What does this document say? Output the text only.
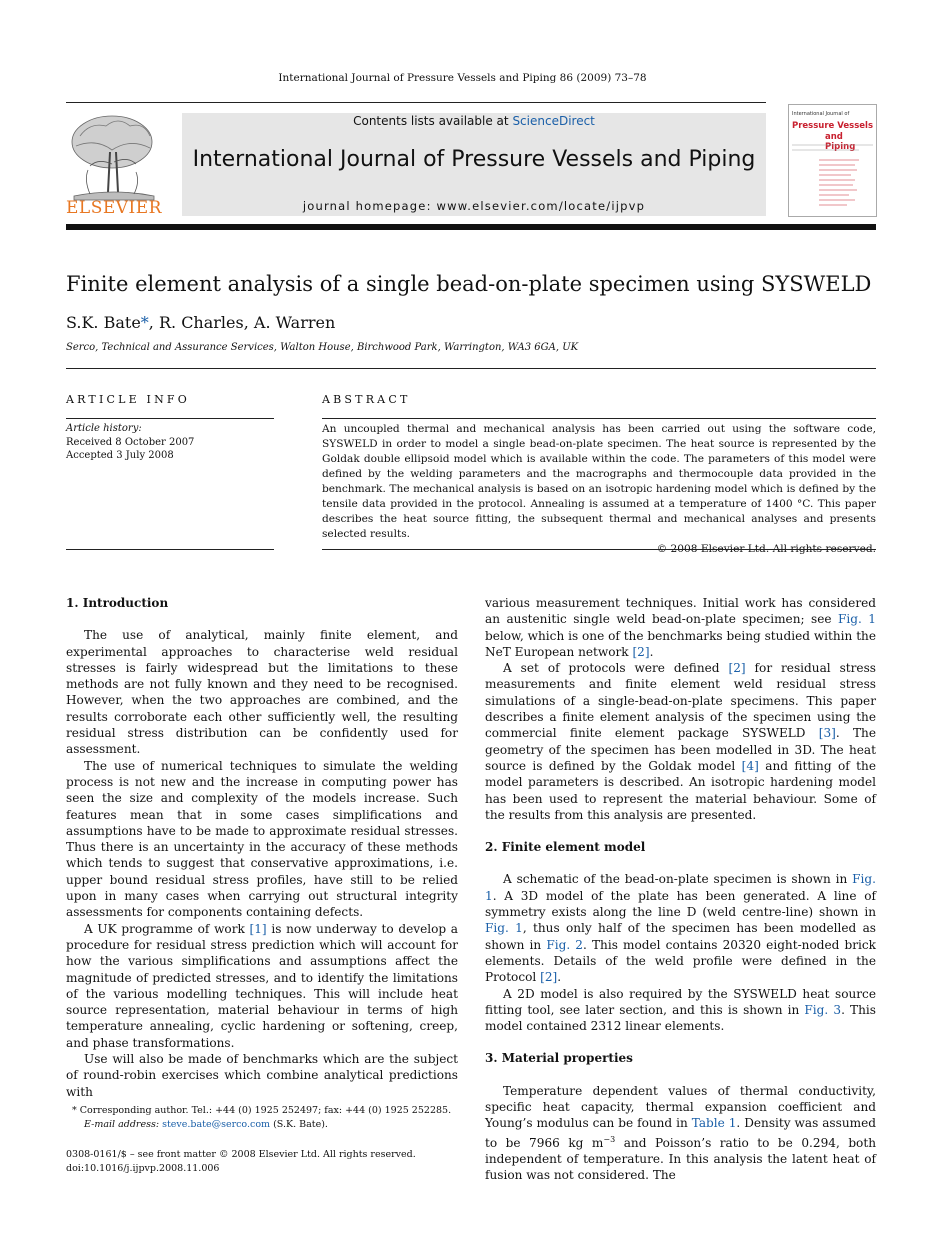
International Journal of Pressure Vessels and Piping 86 (2009) 73–78
ELSEVIER
Contents lists available at ScienceDirect
International Journal of Pressure Vessels and Piping
journal homepage: www.elsevier.com/locate/ijpvp
International Journal of
Pressure Vessels
and Piping
Finite element analysis of a single bead-on-plate specimen using SYSWELD
S.K. Bate*, R. Charles, A. Warren
Serco, Technical and Assurance Services, Walton House, Birchwood Park, Warrington, WA3 6GA, UK
ARTICLE INFO	ABSTRACT
Article history:
Received 8 October 2007
Accepted 3 July 2008
An uncoupled thermal and mechanical analysis has been carried out using the software code, SYSWELD in order to model a single bead-on-plate specimen. The heat source is represented by the Goldak double ellipsoid model which is available within the code. The parameters of this model were defined by the welding parameters and the macrographs and thermocouple data provided in the benchmark. The mechanical analysis is based on an isotropic hardening model which is defined by the tensile data provided in the protocol. Annealing is assumed at a temperature of 1400 °C. This paper describes the heat source fitting, the subsequent thermal and mechanical analyses and presents selected results.
© 2008 Elsevier Ltd. All rights reserved.
1. Introduction

The use of analytical, mainly finite element, and experimental approaches to characterise weld residual stresses is fairly widespread but the limitations to these methods are not fully known and they need to be recognised. However, when the two approaches are combined, and the results corroborate each other sufficiently well, the resulting residual stress distribution can be confidently used for assessment.

The use of numerical techniques to simulate the welding process is not new and the increase in computing power has seen the size and complexity of the models increase. Such features mean that in some cases simplifications and assumptions have to be made to approximate residual stresses. Thus there is an uncertainty in the accuracy of these methods which tends to suggest that conservative approximations, i.e. upper bound residual stress profiles, have still to be relied upon in many cases when carrying out structural integrity assessments for components containing defects.

A UK programme of work [1] is now underway to develop a procedure for residual stress prediction which will account for how the various simplifications and assumptions affect the magnitude of predicted stresses, and to identify the limitations of the various modelling techniques. This will include heat source representation, material behaviour in terms of high temperature annealing, cyclic hardening or softening, creep, and phase transformations.

Use will also be made of benchmarks which are the subject of round-robin exercises which combine analytical predictions with

various measurement techniques. Initial work has considered an austenitic single weld bead-on-plate specimen; see Fig. 1 below, which is one of the benchmarks being studied within the NeT European network [2].

A set of protocols were defined [2] for residual stress measurements and finite element weld residual stress simulations of a single-bead-on-plate specimens. This paper describes a finite element analysis of the specimen using the commercial finite element package SYSWELD [3]. The geometry of the specimen has been modelled in 3D. The heat source is defined by the Goldak model [4] and fitting of the model parameters is described. An isotropic hardening model has been used to represent the material behaviour. Some of the results from this analysis are presented.

2. Finite element model

A schematic of the bead-on-plate specimen is shown in Fig. 1. A 3D model of the plate has been generated. A line of symmetry exists along the line D (weld centre-line) shown in Fig. 1, thus only half of the specimen has been modelled as shown in Fig. 2. This model contains 20320 eight-noded brick elements. Details of the weld profile were defined in the Protocol [2].

A 2D model is also required by the SYSWELD heat source fitting tool, see later section, and this is shown in Fig. 3. This model contained 2312 linear elements.

3. Material properties

Temperature dependent values of thermal conductivity, specific heat capacity, thermal expansion coefficient and Young’s modulus can be found in Table 1. Density was assumed to be 7966 kg $m^{-3}$ and Poisson’s ratio to be 0.294, both independent of temperature. In this analysis the latent heat of fusion was not considered. The

* Corresponding author. Tel.: +44 (0) 1925 252497; fax: +44 (0) 1925 252285.
E-mail address: steve.bate@serco.com (S.K. Bate).
0308-0161/$ – see front matter © 2008 Elsevier Ltd. All rights reserved.
doi:10.1016/j.ijpvp.2008.11.006
